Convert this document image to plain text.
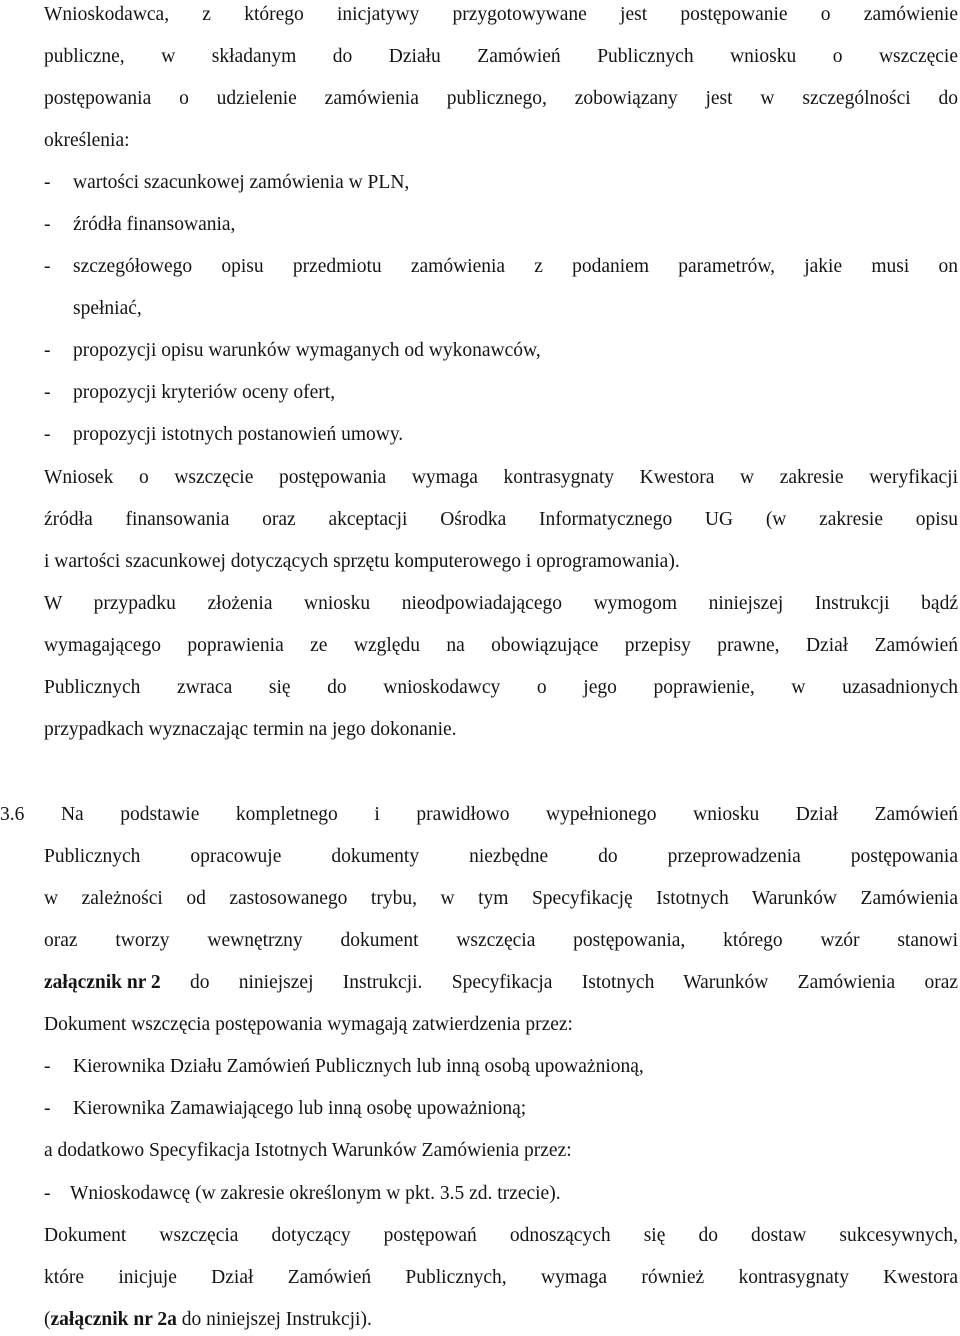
Wnioskodawca, z którego inicjatywy przygotowywane jest postępowanie o zamówienie

publiczne, w składanym do Działu Zamówień Publicznych wniosku o wszczęcie

postępowania o udzielenie zamówienia publicznego, zobowiązany jest w szczególności do

określenia:

- wartości szacunkowej zamówienia w PLN,

- źródła finansowania,

-	szczegółowego opisu przedmiotu zamówienia z podaniem parametrów, jakie musi on

spełniać,

- propozycji opisu warunków wymaganych od wykonawców,

- propozycji kryteriów oceny ofert,

- propozycji istotnych postanowień umowy.

Wniosek o wszczęcie postępowania wymaga kontrasygnaty Kwestora w zakresie weryfikacji

źródła finansowania oraz akceptacji Ośrodka Informatycznego UG (w zakresie opisu

i wartości szacunkowej dotyczących sprzętu komputerowego i oprogramowania).

W przypadku złożenia wniosku nieodpowiadającego wymogom niniejszej Instrukcji bądź

wymagającego poprawienia ze względu na obowiązujące przepisy prawne, Dział Zamówień

Publicznych zwraca się do wnioskodawcy o jego poprawienie, w uzasadnionych

przypadkach wyznaczając termin na jego dokonanie.

3.6 Na podstawie kompletnego i prawidłowo wypełnionego wniosku Dział Zamówień

Publicznych opracowuje dokumenty niezbędne do przeprowadzenia postępowania

w zależności od zastosowanego trybu, w tym Specyfikację Istotnych Warunków Zamówienia

oraz tworzy wewnętrzny dokument wszczęcia postępowania, którego wzór stanowi

załącznik nr 2 do niniejszej Instrukcji. Specyfikacja Istotnych Warunków Zamówienia oraz

Dokument wszczęcia postępowania wymagają zatwierdzenia przez:

- Kierownika Działu Zamówień Publicznych lub inną osobą upoważnioną,

- Kierownika Zamawiającego lub inną osobę upoważnioną;

a dodatkowo Specyfikacja Istotnych Warunków Zamówienia przez:

- Wnioskodawcę (w zakresie określonym w pkt. 3.5 zd. trzecie).

Dokument wszczęcia dotyczący postępowań odnoszących się do dostaw sukcesywnych,

które inicjuje Dział Zamówień Publicznych, wymaga również kontrasygnaty Kwestora

(załącznik nr 2a do niniejszej Instrukcji).
